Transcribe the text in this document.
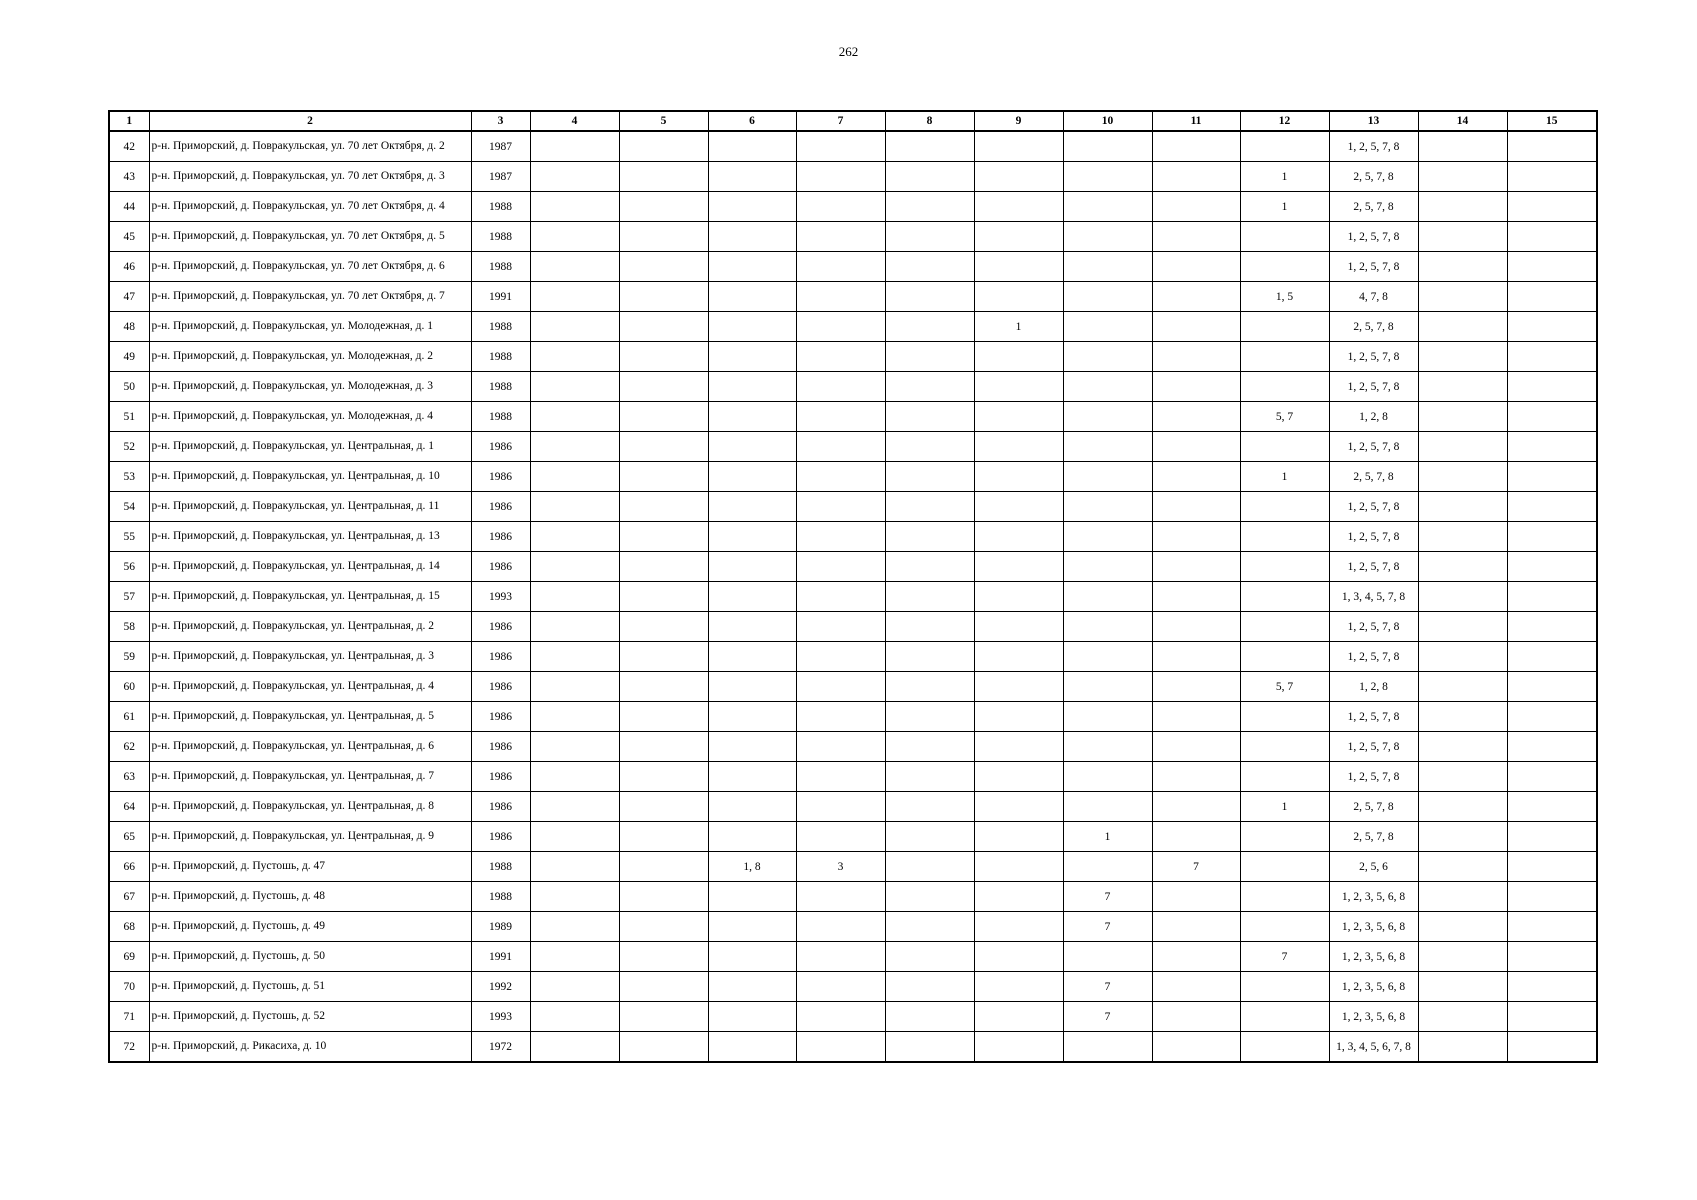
262
1	2	3	4	5	6	7	8	9	10	11	12	13	14	15
42	р-н. Приморский, д. Повракульская, ул. 70 лет Октября, д. 2	1987										1, 2, 5, 7, 8		
43	р-н. Приморский, д. Повракульская, ул. 70 лет Октября, д. 3	1987									1	2, 5, 7, 8		
44	р-н. Приморский, д. Повракульская, ул. 70 лет Октября, д. 4	1988									1	2, 5, 7, 8		
45	р-н. Приморский, д. Повракульская, ул. 70 лет Октября, д. 5	1988										1, 2, 5, 7, 8		
46	р-н. Приморский, д. Повракульская, ул. 70 лет Октября, д. 6	1988										1, 2, 5, 7, 8		
47	р-н. Приморский, д. Повракульская, ул. 70 лет Октября, д. 7	1991									1, 5	4, 7, 8		
48	р-н. Приморский, д. Повракульская, ул. Молодежная, д. 1	1988						1				2, 5, 7, 8		
49	р-н. Приморский, д. Повракульская, ул. Молодежная, д. 2	1988										1, 2, 5, 7, 8		
50	р-н. Приморский, д. Повракульская, ул. Молодежная, д. 3	1988										1, 2, 5, 7, 8		
51	р-н. Приморский, д. Повракульская, ул. Молодежная, д. 4	1988									5, 7	1, 2, 8		
52	р-н. Приморский, д. Повракульская, ул. Центральная, д. 1	1986										1, 2, 5, 7, 8		
53	р-н. Приморский, д. Повракульская, ул. Центральная, д. 10	1986									1	2, 5, 7, 8		
54	р-н. Приморский, д. Повракульская, ул. Центральная, д. 11	1986										1, 2, 5, 7, 8		
55	р-н. Приморский, д. Повракульская, ул. Центральная, д. 13	1986										1, 2, 5, 7, 8		
56	р-н. Приморский, д. Повракульская, ул. Центральная, д. 14	1986										1, 2, 5, 7, 8		
57	р-н. Приморский, д. Повракульская, ул. Центральная, д. 15	1993										1, 3, 4, 5, 7, 8		
58	р-н. Приморский, д. Повракульская, ул. Центральная, д. 2	1986										1, 2, 5, 7, 8		
59	р-н. Приморский, д. Повракульская, ул. Центральная, д. 3	1986										1, 2, 5, 7, 8		
60	р-н. Приморский, д. Повракульская, ул. Центральная, д. 4	1986									5, 7	1, 2, 8		
61	р-н. Приморский, д. Повракульская, ул. Центральная, д. 5	1986										1, 2, 5, 7, 8		
62	р-н. Приморский, д. Повракульская, ул. Центральная, д. 6	1986										1, 2, 5, 7, 8		
63	р-н. Приморский, д. Повракульская, ул. Центральная, д. 7	1986										1, 2, 5, 7, 8		
64	р-н. Приморский, д. Повракульская, ул. Центральная, д. 8	1986									1	2, 5, 7, 8		
65	р-н. Приморский, д. Повракульская, ул. Центральная, д. 9	1986							1			2, 5, 7, 8		
66	р-н. Приморский, д. Пустошь, д. 47	1988			1, 8	3				7		2, 5, 6		
67	р-н. Приморский, д. Пустошь, д. 48	1988							7			1, 2, 3, 5, 6, 8		
68	р-н. Приморский, д. Пустошь, д. 49	1989							7			1, 2, 3, 5, 6, 8		
69	р-н. Приморский, д. Пустошь, д. 50	1991									7	1, 2, 3, 5, 6, 8		
70	р-н. Приморский, д. Пустошь, д. 51	1992							7			1, 2, 3, 5, 6, 8		
71	р-н. Приморский, д. Пустошь, д. 52	1993							7			1, 2, 3, 5, 6, 8		
72	р-н. Приморский, д. Рикасиха, д. 10	1972										1, 3, 4, 5, 6, 7, 8		
